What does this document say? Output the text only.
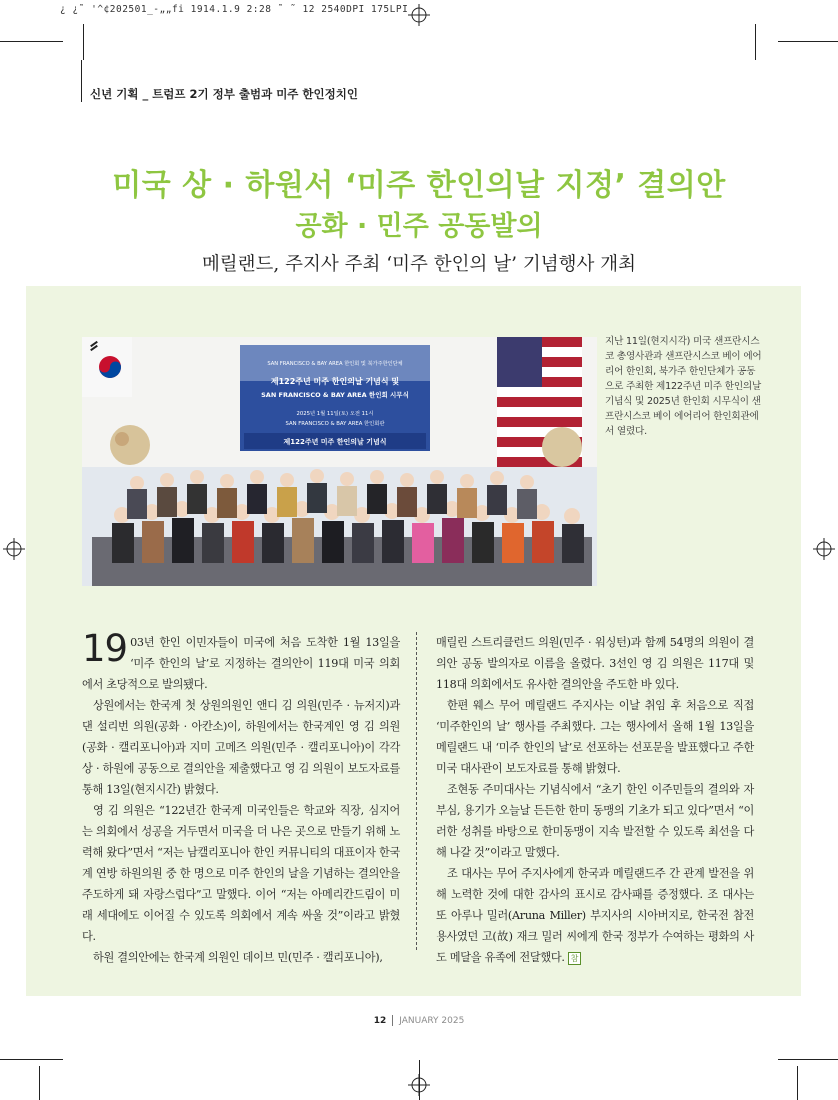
¿ ¿˜ '^¢202501_-„„fi 1914.1.9 2:28 ˜ ˜ 12 2540DPI 175LPI
신년 기획 _ 트럼프 2기 정부 출범과 미주 한인정치인
미국 상 · 하원서 ‘미주 한인의날 지정’ 결의안
공화 · 민주 공동발의
메릴랜드, 주지사 주최 ‘미주 한인의 날’ 기념행사 개최
SAN FRANCISCO & BAY AREA 한인회 및 북가주한인단체
제122주년 미주 한인의날 기념식 및
SAN FRANCISCO & BAY AREA 한인회 시무식
2025년 1월 11일(토) 오전 11시
SAN FRANCISCO & BAY AREA 한인회관
제122주년 미주 한인의날 기념식
지난 11일(현지시각) 미국 샌프란시스코 총영사관과 샌프란시스코 베이 에어리어 한인회, 북가주 한인단체가 공동으로 주최한 제122주년 미주 한인의날 기념식 및 2025년 한인회 시무식이 샌프란시스코 베이 에어리어 한인회관에서 열렸다.

19 03년 한인 이민자들이 미국에 처음 도착한 1월 13일을 ‘미주 한인의 날’로 지정하는 결의안이 119대 미국 의회에서 초당적으로 발의됐다.

상원에서는 한국계 첫 상원의원인 앤디 김 의원(민주 · 뉴저지)과 댄 설리번 의원(공화 · 아칸소)이, 하원에서는 한국계인 영 김 의원(공화 · 캘리포니아)과 지미 고메즈 의원(민주 · 캘리포니아)이 각각 상 · 하원에 공동으로 결의안을 제출했다고 영 김 의원이 보도자료를 통해 13일(현지시간) 밝혔다.

영 김 의원은 “122년간 한국계 미국인들은 학교와 직장, 심지어는 의회에서 성공을 거두면서 미국을 더 나은 곳으로 만들기 위해 노력해 왔다”면서 “저는 남캘리포니아 한인 커뮤니티의 대표이자 한국계 연방 하원의원 중 한 명으로 미주 한인의 날을 기념하는 결의안을 주도하게 돼 자랑스럽다”고 말했다. 이어 “저는 아메리칸드림이 미래 세대에도 이어질 수 있도록 의회에서 계속 싸울 것”이라고 밝혔다.

하원 결의안에는 한국계 의원인 데이브 민(민주 · 캘리포니아),

매릴린 스트리클런드 의원(민주 · 워싱턴)과 함께 54명의 의원이 결의안 공동 발의자로 이름을 올렸다. 3선인 영 김 의원은 117대 및 118대 의회에서도 유사한 결의안을 주도한 바 있다.

한편 웨스 무어 메릴랜드 주지사는 이날 취임 후 처음으로 직접 ‘미주한인의 날’ 행사를 주최했다. 그는 행사에서 올해 1월 13일을 메릴랜드 내 ‘미주 한인의 날’로 선포하는 선포문을 발표했다고 주한 미국 대사관이 보도자료를 통해 밝혔다.

조현동 주미대사는 기념식에서 “초기 한인 이주민들의 결의와 자부심, 용기가 오늘날 든든한 한미 동맹의 기초가 되고 있다”면서 “이러한 성취를 바탕으로 한미동맹이 지속 발전할 수 있도록 최선을 다해 나갈 것”이라고 말했다.

조 대사는 무어 주지사에게 한국과 메릴랜드주 간 관계 발전을 위해 노력한 것에 대한 감사의 표시로 감사패를 증정했다. 조 대사는 또 아루나 밀러(Aruna Miller) 부지사의 시아버지로, 한국전 참전용사였던 고(故) 재크 밀러 씨에게 한국 정부가 수여하는 평화의 사도 메달을 유족에 전달했다. 참

12 JANUARY 2025
